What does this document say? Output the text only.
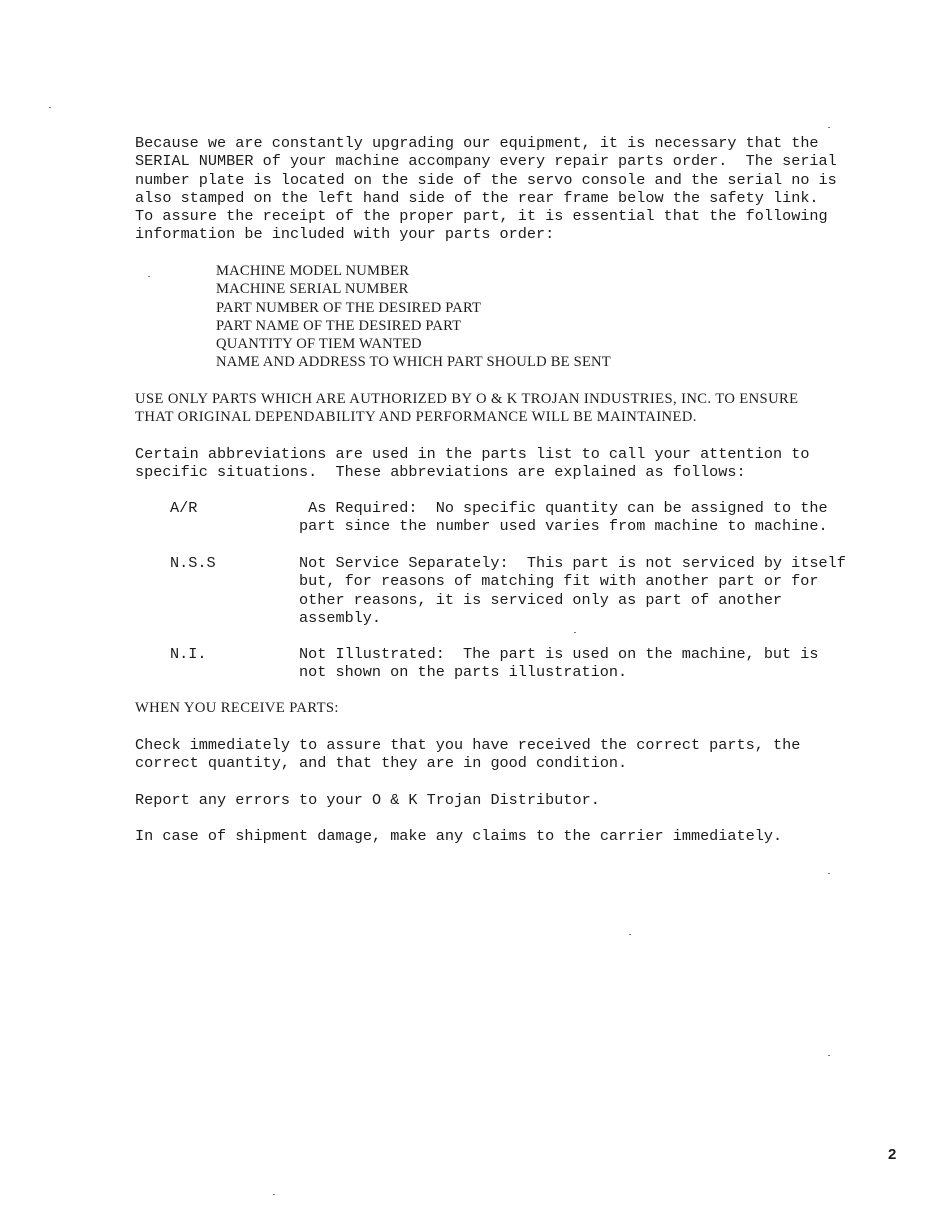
Because we are constantly upgrading our equipment, it is necessary that the
SERIAL NUMBER of your machine accompany every repair parts order.  The serial
number plate is located on the side of the servo console and the serial no is
also stamped on the left hand side of the rear frame below the safety link.
To assure the receipt of the proper part, it is essential that the following
information be included with your parts order:
MACHINE MODEL NUMBER
MACHINE SERIAL NUMBER
PART NUMBER OF THE DESIRED PART
PART NAME OF THE DESIRED PART
QUANTITY OF TIEM WANTED
NAME AND ADDRESS TO WHICH PART SHOULD BE SENT
USE ONLY PARTS WHICH ARE AUTHORIZED BY O & K TROJAN INDUSTRIES, INC. TO ENSURE
THAT ORIGINAL DEPENDABILITY AND PERFORMANCE WILL BE MAINTAINED.
Certain abbreviations are used in the parts list to call your attention to
specific situations.  These abbreviations are explained as follows:
A/R	As Required:  No specific quantity can be assigned to the
part since the number used varies from machine to machine.
N.S.S	Not Service Separately:  This part is not serviced by itself
but, for reasons of matching fit with another part or for
other reasons, it is serviced only as part of another
assembly.
N.I.	Not Illustrated:  The part is used on the machine, but is
not shown on the parts illustration.
WHEN YOU RECEIVE PARTS:
Check immediately to assure that you have received the correct parts, the
correct quantity, and that they are in good condition.
Report any errors to your O & K Trojan Distributor.
In case of shipment damage, make any claims to the carrier immediately.
2
